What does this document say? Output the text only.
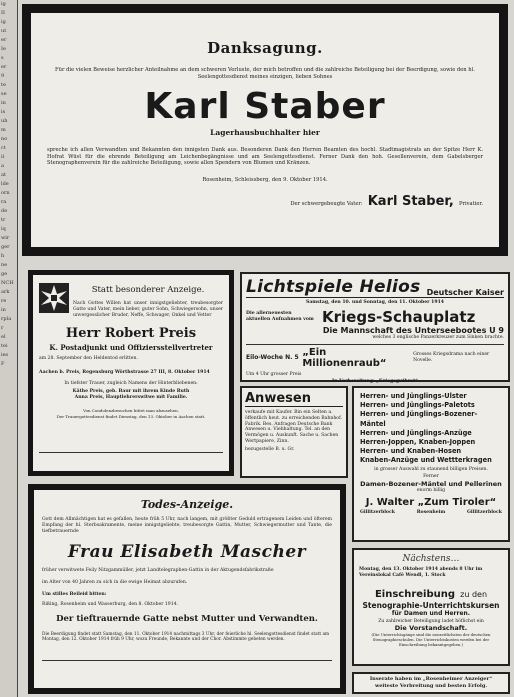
ig
II
ig
ut
er
Ie
s
er
9
te
se
in
is
uh
m
no
ct
il
a
at
lde
orn
ra
de
tr
iq
wir
ger
h
ne
ge
NCH
ark
re
in
rpla
r
el
tei
ies
F
Danksagung.
Für die vielen Beweise herzlicher Anteilnahme an dem schweren Verluste, der mich betroffen und die zahlreiche Beteiligung bei der Beerdigung, sowie den hl. Seelengottesdienst meines einzigen, lieben Sohnes
Karl Staber
Lagerhausbuchhalter hier
spreche ich allen Verwandten und Bekannten den innigsten Dank aus. Besonderen Dank den Herren Beamten des hochl. Stadtmagistrats an der Spitze Herr K. Hofrat Wüst für die ehrende Beteiligung am Leichenbegängnisse und am Seelengottesdienst. Ferner Dank den hoh. Gesellenverein, dem Gabelsberger Stenographenverein für die zahlreiche Beteiligung, sowie allen Spendern von Blumen und Kränzen.
Rosenheim, Schleissberg, den 9. Oktober 1914.
Der schwergebeugte Vater: Karl Staber, Privatier.
Statt besonderer Anzeige.
Nach Gottes Willen hat unser innigstgeliebter, treubesorgter Gatte und Vater, mein lieber, guter Sohn, Schwiegersohn, unser unvergesslicher Bruder, Neffe, Schwager, Onkel und Vetter
Herr Robert Preis
K. Postadjunkt und Offiziersstellvertreter
am 28. September den Heldentod erlitten.
Aachen b. Preis, Regensburg Wörthstrasse 27 III, 8. Oktober 1914
In tiefster Trauer, zugleich Namens der Hinterbliebenen:
Käthe Preis, geb. Baur mit ihrem Kinde Ruth
Anna Preis, Hauptlehrerswitwe mit Familie.
Von Condolenzbesuchen bittet man abzusehen.
Der Trauergottesdienst findet Dienstag, den 13. Oktober in Aachen statt.
Lichtspiele Helios Deutscher Kaiser
Samstag, den 10. und Sonntag, den 11. Oktober 1914
Die allerneuesten aktuellen Aufnahmen vom Kriegs-Schauplatz
Die Mannschaft des Unterseebootes U 9
welches 3 englische Panzerkreuzer zum Sinken brachte.
Eilo-Woche N. 5 „Ein Millionenraub“
Grosses Kriegsdrama nach einer Novelle.
Um 4 Uhr grosser Preis
In Vorbereitung: „Kriegsgutbrot“
Anwesen
verkaufe mit Kaufer. Bin ein Selten a. öffentlich heut. zu erreichenden Bahnhof. Fabrik. Bes. Anfragen Deutsche Bank Anwesen u. Viehhaltung. Tel. an den Vermögen u. Auskunft. Sache u. Sachen Wertpapiere, Zinn.
bezugsstelle B. u. Gr.
Herren- und Jünglings-Ulster
Herren- und Jünglings-Paletots
Herren- und Jünglings-Bozener-Mäntel
Herren- und Jünglings-Anzüge
Herren-Joppen, Knaben-Joppen
Herren- und Knaben-Hosen
Knaben-Anzüge und Wettterkragen
in grosser Auswahl zu staunend billigen Preisen.
Ferner
Damen-Bozener-Mäntel und Pellerinen
enorm billig
J. Walter „Zum Tiroler“
Gillitzerblock	Rosenheim	Gillitzerblock
Todes-Anzeige.
Gott dem Allmächtigen hat es gefallen, heute früh 5 Uhr, nach langem, mit größter Geduld ertragenem Leiden und öfterem Empfang der hl. Sterbsakramente, meine innigstgeliebte, treubesorgte Gattin, Mutter, Schwiegermutter und Tante, die tiefbetrauernde
Frau Elisabeth Mascher
früher verwitwete Feily Nitzgammüller, jetzt Landtelegraphen-Gattin in der Aktugendsfabrikstraße
im Alter von 40 Jahren zu sich in die ewige Heimat abzurufen.
Um stilles Beileid bitten:
Rißing, Rosenheim und Wasserburg, den 8. Oktober 1914.
Der tieftrauernde Gatte nebst Mutter und Verwandten.
Die Beerdigung findet statt Samstag, den 11. Oktober 1914 nachmittags 3 Uhr, der feierliche hl. Seelengottesdienst findet statt am Montag, den 12. Oktober 1914 früh 9 Uhr, wozu Freunde, Bekannte und der Chor. Abstimmte gebeten werden.
Nächstens…
Montag, den 13. Oktober 1914 abends 8 Uhr im Vereinslokal Café Wendl, 1. Stock
Einschreibung zu den
Stenographie-Unterrichtskursen
für Damen und Herren.
Zu zahlreicher Beteiligung ladet höflichst ein
Die Vorstandschaft.
(Die Unterrichtsgänge sind die neuzeitlichsten der deutschen Stenographieschulen. Die Unterrichtskosten werden bei der Einschreibung bekanntgegeben.)
Inserate haben im „Rosenheimer Anzeiger“ weiteste Verbreitung und besten Erfolg.
